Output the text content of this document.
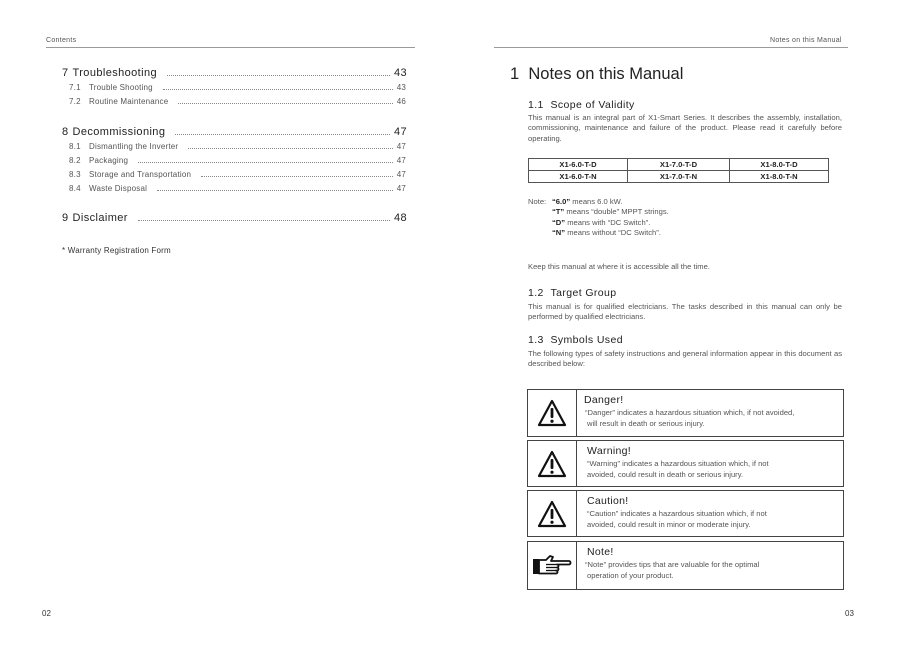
Contents
7 Troubleshooting	43
7.1 Trouble Shooting	43
7.2 Routine Maintenance	46
8 Decommissioning	47
8.1 Dismantling the Inverter	47
8.2 Packaging	47
8.3 Storage and Transportation	47
8.4 Waste Disposal	47
9 Disclaimer	48
* Warranty Registration Form
02
Notes on this Manual
1 Notes on this Manual
1.1 Scope of Validity
This manual is an integral part of X1-Smart Series. It describes the assembly, installation, commissioning, maintenance and failure of the product. Please read it carefully before operating.
X1-6.0-T-D	X1-7.0-T-D	X1-8.0-T-D
X1-6.0-T-N	X1-7.0-T-N	X1-8.0-T-N
Note: “6.0” means 6.0 kW.
“T” means “double” MPPT strings.
“D” means with “DC Switch”.
“N” means without “DC Switch”.
Keep this manual at where it is accessible all the time.
1.2 Target Group
This manual is for qualified electricians. The tasks described in this manual can only be performed by qualified electricians.
1.3 Symbols Used
The following types of safety instructions and general information appear in this document as described below:
Danger!
“Danger” indicates a hazardous situation which, if not avoided,
will result in death or serious injury.
Warning!
“Warning” indicates a hazardous situation which, if not
avoided, could result in death or serious injury.
Caution!
“Caution” indicates a hazardous situation which, if not
avoided, could result in minor or moderate injury.
Note!
“Note” provides tips that are valuable for the optimal
operation of your product.
03
